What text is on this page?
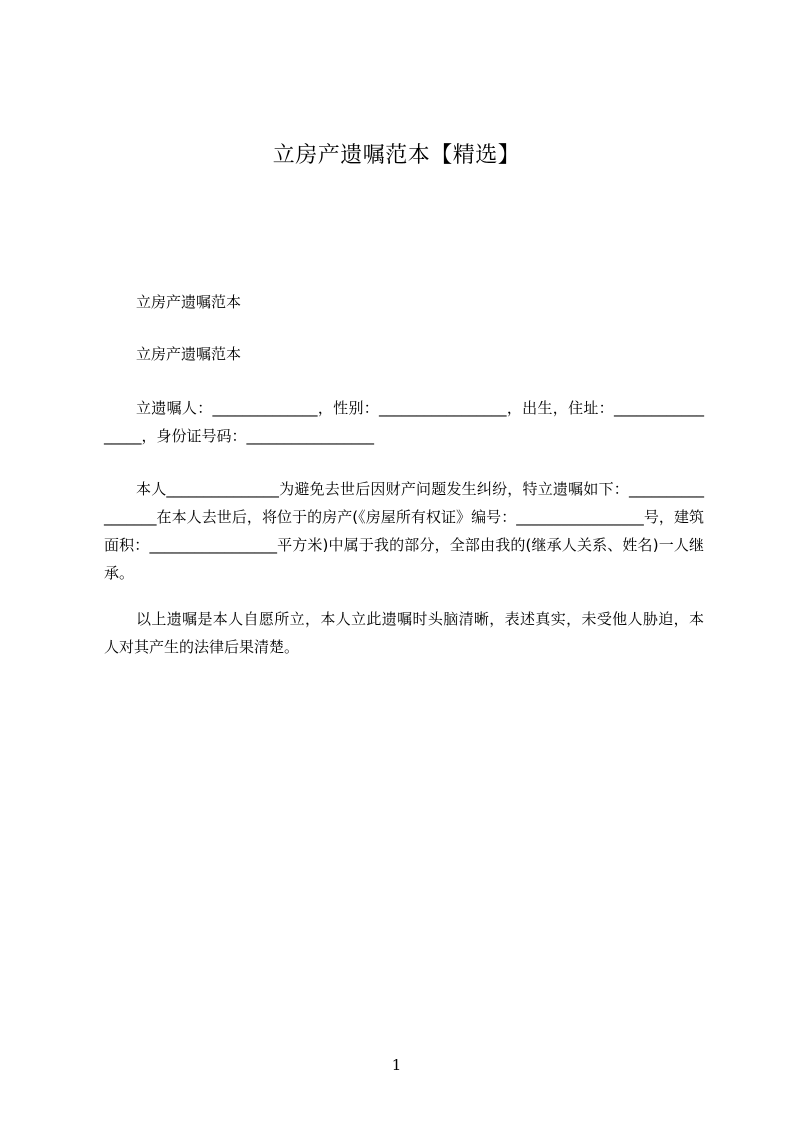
立房产遗嘱范本【精选】

立房产遗嘱范本

立房产遗嘱范本

立遗嘱人：______________，性别：_________________，出生，住址：_________________，身份证号码：_________________

本人_______________为避免去世后因财产问题发生纠纷，特立遗嘱如下：_________________在本人去世后，将位于的房产(《房屋所有权证》编号：_________________号，建筑面积：_________________平方米)中属于我的部分，全部由我的(继承人关系、姓名)一人继承。

以上遗嘱是本人自愿所立，本人立此遗嘱时头脑清晰，表述真实，未受他人胁迫，本人对其产生的法律后果清楚。

1
